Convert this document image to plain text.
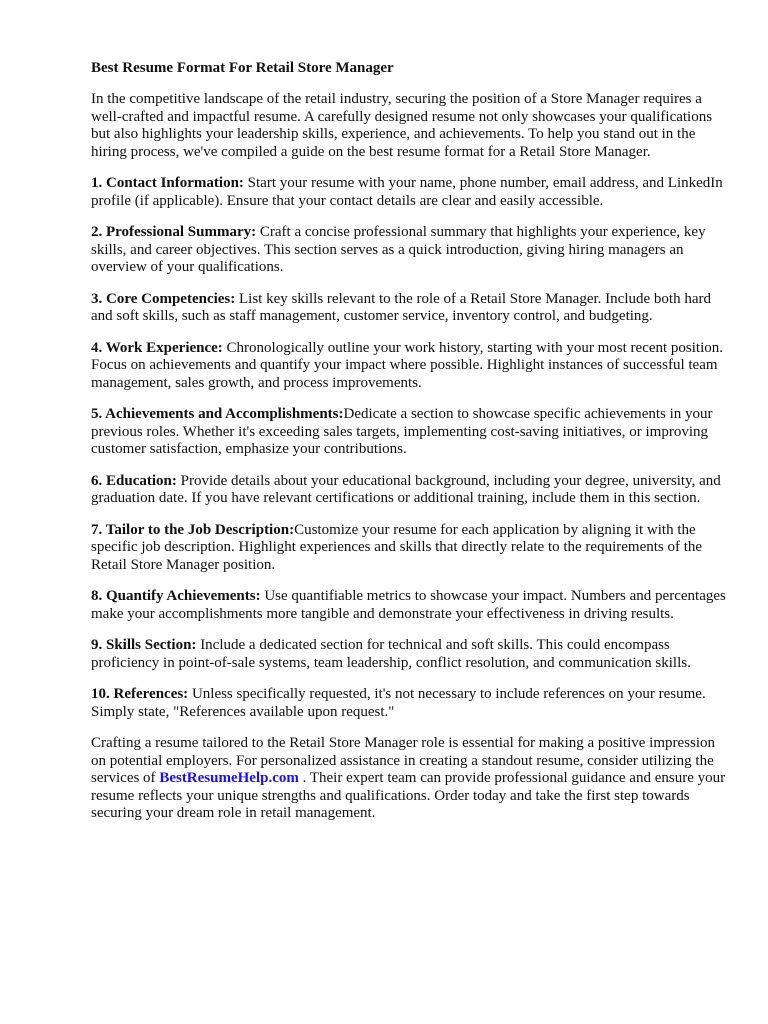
Best Resume Format For Retail Store Manager

In the competitive landscape of the retail industry, securing the position of a Store Manager requires a well-crafted and impactful resume. A carefully designed resume not only showcases your qualifications but also highlights your leadership skills, experience, and achievements. To help you stand out in the hiring process, we've compiled a guide on the best resume format for a Retail Store Manager.

1. Contact Information: Start your resume with your name, phone number, email address, and LinkedIn profile (if applicable). Ensure that your contact details are clear and easily accessible.

2. Professional Summary: Craft a concise professional summary that highlights your experience, key skills, and career objectives. This section serves as a quick introduction, giving hiring managers an overview of your qualifications.

3. Core Competencies: List key skills relevant to the role of a Retail Store Manager. Include both hard and soft skills, such as staff management, customer service, inventory control, and budgeting.

4. Work Experience: Chronologically outline your work history, starting with your most recent position. Focus on achievements and quantify your impact where possible. Highlight instances of successful team management, sales growth, and process improvements.

5. Achievements and Accomplishments:Dedicate a section to showcase specific achievements in your previous roles. Whether it's exceeding sales targets, implementing cost-saving initiatives, or improving customer satisfaction, emphasize your contributions.

6. Education: Provide details about your educational background, including your degree, university, and graduation date. If you have relevant certifications or additional training, include them in this section.

7. Tailor to the Job Description:Customize your resume for each application by aligning it with the specific job description. Highlight experiences and skills that directly relate to the requirements of the Retail Store Manager position.

8. Quantify Achievements: Use quantifiable metrics to showcase your impact. Numbers and percentages make your accomplishments more tangible and demonstrate your effectiveness in driving results.

9. Skills Section: Include a dedicated section for technical and soft skills. This could encompass proficiency in point-of-sale systems, team leadership, conflict resolution, and communication skills.

10. References: Unless specifically requested, it's not necessary to include references on your resume. Simply state, "References available upon request."

Crafting a resume tailored to the Retail Store Manager role is essential for making a positive impression on potential employers. For personalized assistance in creating a standout resume, consider utilizing the services of BestResumeHelp.com . Their expert team can provide professional guidance and ensure your resume reflects your unique strengths and qualifications. Order today and take the first step towards securing your dream role in retail management.
